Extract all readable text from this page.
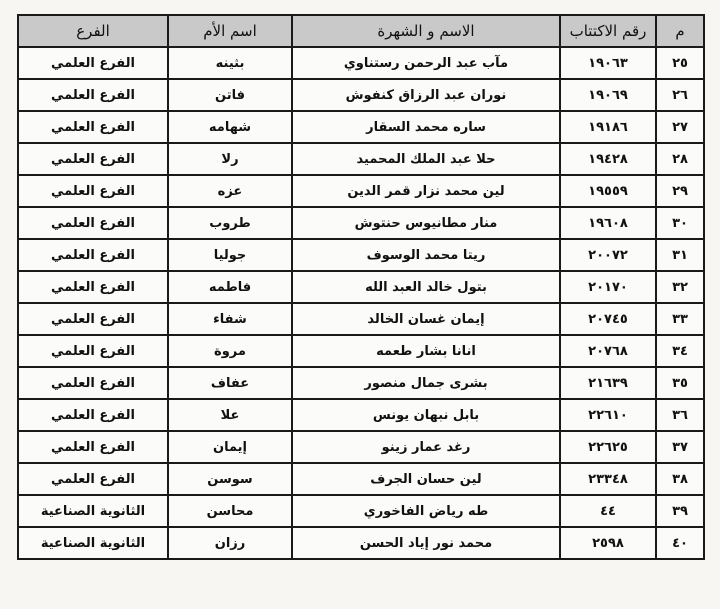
م	رقم الاكتتاب	الاسم و الشهرة	اسم الأم	الفرع
٢٥	١٩٠٦٣	مآب عبد الرحمن رستناوي	بثينه	الفرع العلمي
٢٦	١٩٠٦٩	نوران عبد الرزاق كنفوش	فاتن	الفرع العلمي
٢٧	١٩١٨٦	ساره محمد السقار	شهامه	الفرع العلمي
٢٨	١٩٤٢٨	حلا عبد الملك المحميد	رلا	الفرع العلمي
٢٩	١٩٥٥٩	لين محمد نزار قمر الدين	عزه	الفرع العلمي
٣٠	١٩٦٠٨	منار مطانيوس حنتوش	طروب	الفرع العلمي
٣١	٢٠٠٧٢	ريتا محمد الوسوف	جوليا	الفرع العلمي
٣٢	٢٠١٧٠	بتول خالد العبد الله	فاطمه	الفرع العلمي
٣٣	٢٠٧٤٥	إيمان غسان الخالد	شفاء	الفرع العلمي
٣٤	٢٠٧٦٨	انانا بشار طعمه	مروة	الفرع العلمي
٣٥	٢١٦٣٩	بشرى جمال منصور	عفاف	الفرع العلمي
٣٦	٢٢٦١٠	بابل نبهان يونس	علا	الفرع العلمي
٣٧	٢٢٦٢٥	رغد عمار زينو	إيمان	الفرع العلمي
٣٨	٢٣٣٤٨	لين حسان الجرف	سوسن	الفرع العلمي
٣٩	٤٤	طه رياض الفاخوري	محاسن	الثانوية الصناعية
٤٠	٢٥٩٨	محمد نور إياد الحسن	رزان	الثانوية الصناعية
